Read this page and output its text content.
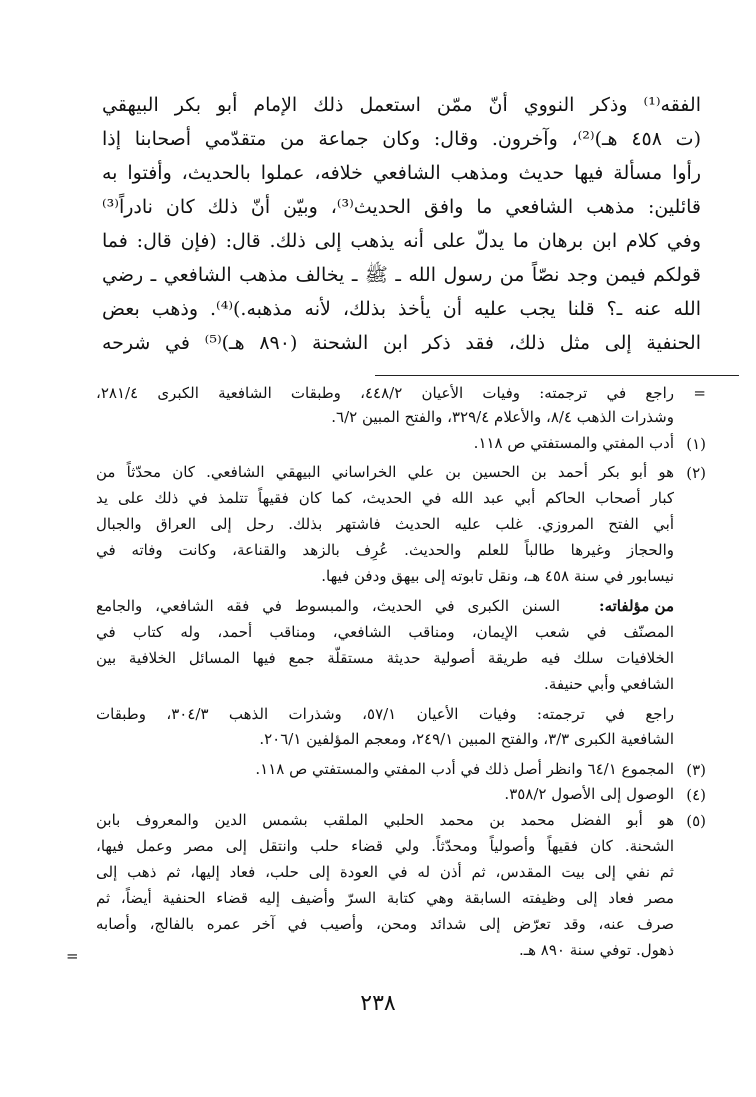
الفقه⁽¹⁾ وذكر النووي أنّ ممّن استعمل ذلك الإمام أبو بكر البيهقي
(ت ٤٥٨ هـ)⁽²⁾، وآخرون. وقال: وكان جماعة من متقدّمي أصحابنا إذا
رأوا مسألة فيها حديث ومذهب الشافعي خلافه، عملوا بالحديث، وأفتوا به
قائلين: مذهب الشافعي ما وافق الحديث⁽³⁾، وبيّن أنّ ذلك كان نادراً⁽³⁾
وفي كلام ابن برهان ما يدلّ على أنه يذهب إلى ذلك. قال: (فإن قال: فما
قولكم فيمن وجد نصّاً من رسول الله ـ ﷺ ـ يخالف مذهب الشافعي ـ رضي
الله عنه ـ؟ قلنا يجب عليه أن يأخذ بذلك، لأنه مذهبه.)⁽⁴⁾. وذهب بعض
الحنفية إلى مثل ذلك، فقد ذكر ابن الشحنة (٨٩٠ هـ)⁽⁵⁾ في شرحه
=
راجع في ترجمته: وفيات الأعيان ٤٤٨/٢، وطبقات الشافعية الكبرى ٢٨١/٤،
وشذرات الذهب ٨/٤، والأعلام ٣٢٩/٤، والفتح المبين ٦/٢.
(١)
أدب المفتي والمستفتي ص ١١٨.
(٢)
هو أبو بكر أحمد بن الحسين بن علي الخراساني البيهقي الشافعي. كان محدّثاً من
كبار أصحاب الحاكم أبي عبد الله في الحديث، كما كان فقيهاً تتلمذ في ذلك على يد
أبي الفتح المروزي. غلب عليه الحديث فاشتهر بذلك. رحل إلى العراق والجبال
والحجاز وغيرها طالباً للعلم والحديث. عُرِف بالزهد والقناعة، وكانت وفاته في
نيسابور في سنة ٤٥٨ هـ، ونقل تابوته إلى بيهق ودفن فيها.
من مؤلفاته:
السنن الكبرى في الحديث، والمبسوط في فقه الشافعي، والجامع
المصنّف في شعب الإيمان، ومناقب الشافعي، ومناقب أحمد، وله كتاب في
الخلافيات سلك فيه طريقة أصولية حديثة مستقلّة جمع فيها المسائل الخلافية بين
الشافعي وأبي حنيفة.
راجع في ترجمته: وفيات الأعيان ٥٧/١، وشذرات الذهب ٣٠٤/٣، وطبقات
الشافعية الكبرى ٣/٣، والفتح المبين ٢٤٩/١، ومعجم المؤلفين ٢٠٦/١.
(٣)
المجموع ٦٤/١ وانظر أصل ذلك في أدب المفتي والمستفتي ص ١١٨.
(٤)
الوصول إلى الأصول ٣٥٨/٢.
(٥)
هو أبو الفضل محمد بن محمد الحلبي الملقب بشمس الدين والمعروف بابن
الشحنة. كان فقيهاً وأصولياً ومحدّثاً. ولي قضاء حلب وانتقل إلى مصر وعمل فيها،
ثم نفي إلى بيت المقدس، ثم أذن له في العودة إلى حلب، فعاد إليها، ثم ذهب إلى
مصر فعاد إلى وظيفته السابقة وهي كتابة السرّ وأضيف إليه قضاء الحنفية أيضاً، ثم
صرف عنه، وقد تعرّض إلى شدائد ومحن، وأصيب في آخر عمره بالفالج، وأصابه
ذهول. توفي سنة ٨٩٠ هـ.
=
٢٣٨
